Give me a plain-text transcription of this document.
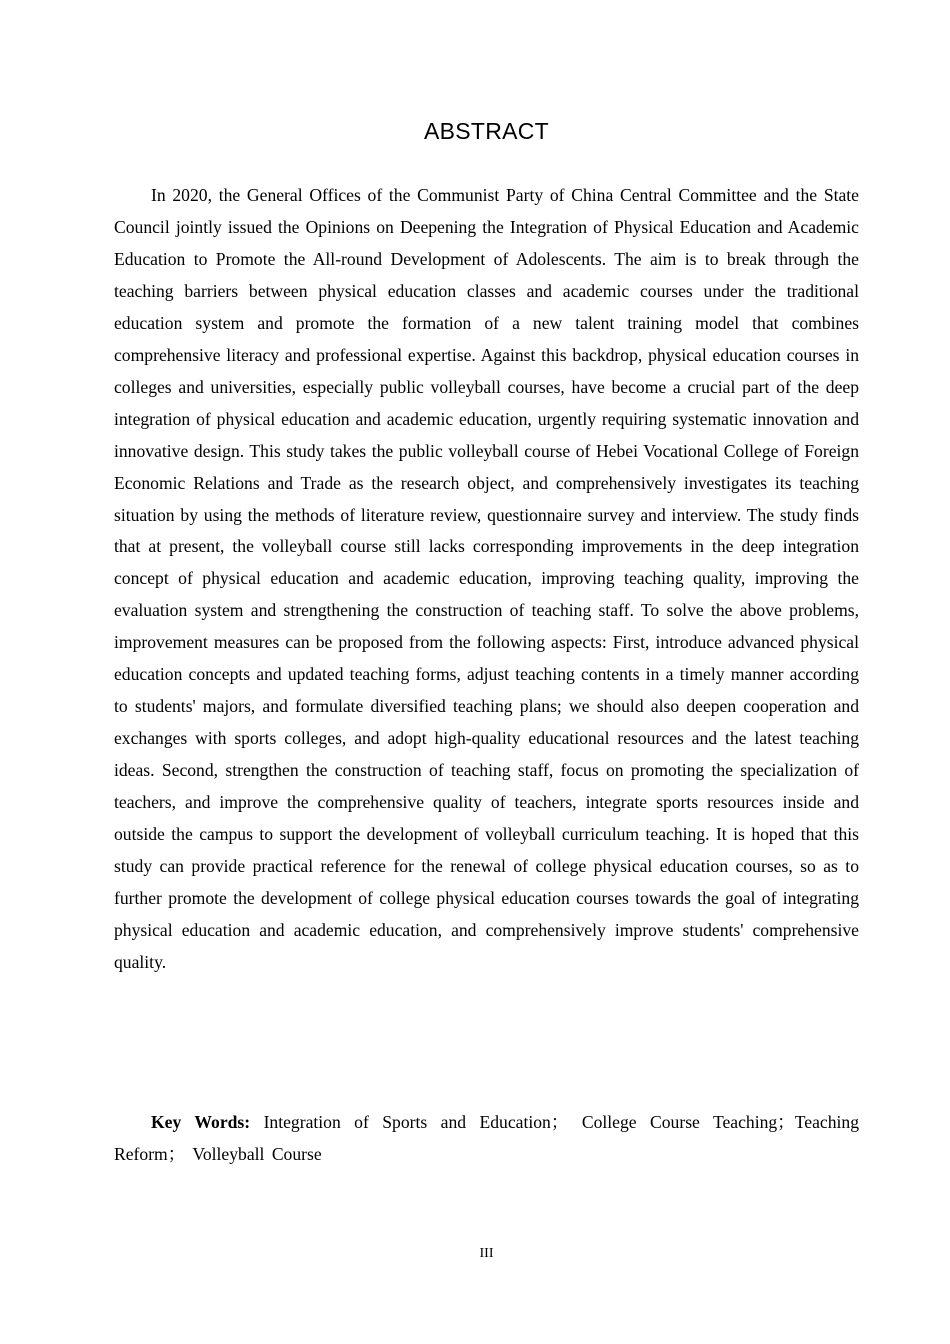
ABSTRACT

In 2020, the General Offices of the Communist Party of China Central Committee and the State Council jointly issued the Opinions on Deepening the Integration of Physical Education and Academic Education to Promote the All-round Development of Adolescents. The aim is to break through the teaching barriers between physical education classes and academic courses under the traditional education system and promote the formation of a new talent training model that combines comprehensive literacy and professional expertise. Against this backdrop, physical education courses in colleges and universities, especially public volleyball courses, have become a crucial part of the deep integration of physical education and academic education, urgently requiring systematic innovation and innovative design. This study takes the public volleyball course of Hebei Vocational College of Foreign Economic Relations and Trade as the research object, and comprehensively investigates its teaching situation by using the methods of literature review, questionnaire survey and interview. The study finds that at present, the volleyball course still lacks corresponding improvements in the deep integration concept of physical education and academic education, improving teaching quality, improving the evaluation system and strengthening the construction of teaching staff. To solve the above problems, improvement measures can be proposed from the following aspects: First, introduce advanced physical education concepts and updated teaching forms, adjust teaching contents in a timely manner according to students' majors, and formulate diversified teaching plans; we should also deepen cooperation and exchanges with sports colleges, and adopt high-quality educational resources and the latest teaching ideas. Second, strengthen the construction of teaching staff, focus on promoting the specialization of teachers, and improve the comprehensive quality of teachers, integrate sports resources inside and outside the campus to support the development of volleyball curriculum teaching. It is hoped that this study can provide practical reference for the renewal of college physical education courses, so as to further promote the development of college physical education courses towards the goal of integrating physical education and academic education, and comprehensively improve students' comprehensive quality.

Key Words: Integration of Sports and Education； College Course Teaching；Teaching Reform； Volleyball Course

III
